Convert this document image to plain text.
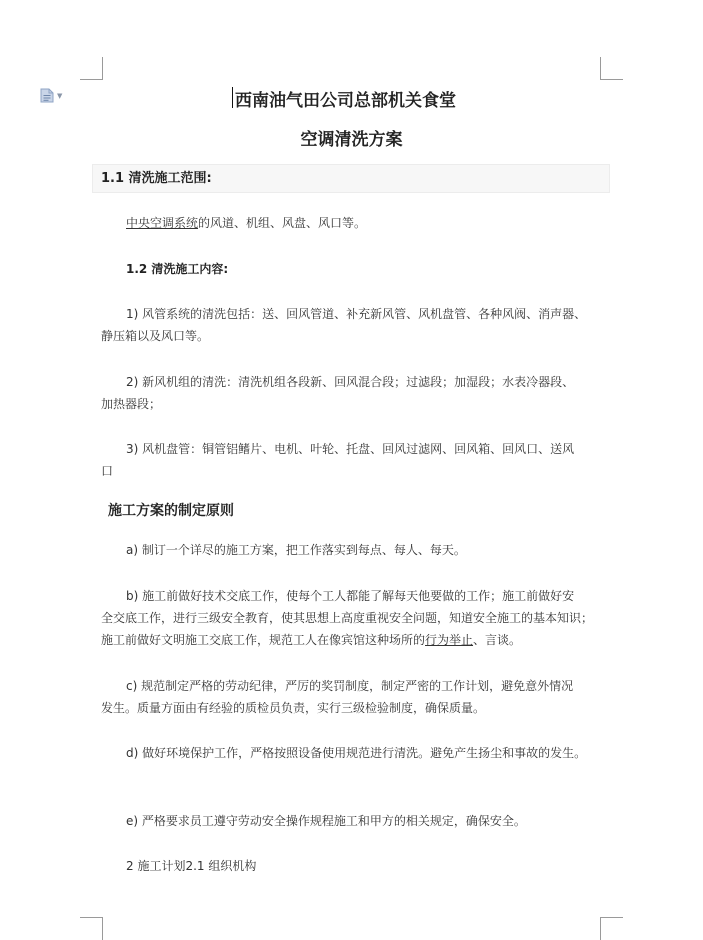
▼	西南油气田公司总部机关食堂
空调清洗方案
1.1 清洗施工范围:
中央空调系统的风道、机组、风盘、风口等。
1.2 清洗施工内容:
1) 风管系统的清洗包括：送、回风管道、补充新风管、风机盘管、各种风阀、消声器、
静压箱以及风口等。
2) 新风机组的清洗：清洗机组各段新、回风混合段；过滤段；加湿段；水表冷器段、
加热器段；
3) 风机盘管：铜管铝鳍片、电机、叶轮、托盘、回风过滤网、回风箱、回风口、送风
口
施工方案的制定原则
a) 制订一个详尽的施工方案，把工作落实到每点、每人、每天。
b) 施工前做好技术交底工作，使每个工人都能了解每天他要做的工作；施工前做好安
全交底工作，进行三级安全教育，使其思想上高度重视安全问题，知道安全施工的基本知识；
施工前做好文明施工交底工作，规范工人在像宾馆这种场所的行为举止、言谈。
c) 规范制定严格的劳动纪律，严厉的奖罚制度，制定严密的工作计划，避免意外情况
发生。质量方面由有经验的质检员负责，实行三级检验制度，确保质量。
d) 做好环境保护工作，严格按照设备使用规范进行清洗。避免产生扬尘和事故的发生。
e) 严格要求员工遵守劳动安全操作规程施工和甲方的相关规定，确保安全。
2 施工计划2.1 组织机构
